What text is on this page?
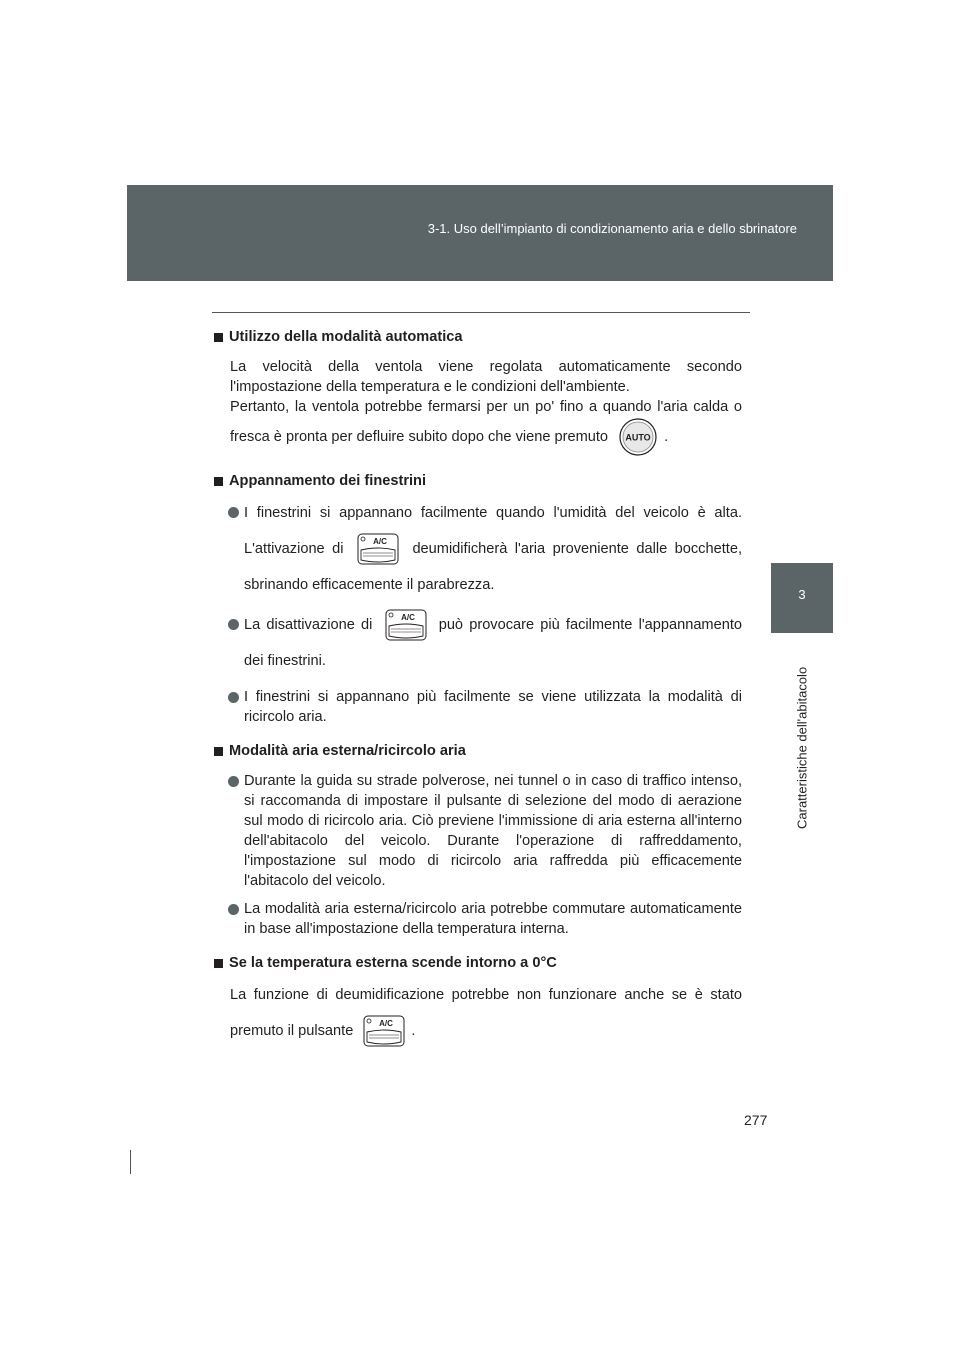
3-1. Uso dell’impianto di condizionamento aria e dello sbrinatore
3
Caratteristiche dell'abitacolo

Utilizzo della modalità automatica

La velocità della ventola viene regolata automaticamente secondo l'impostazione della temperatura e le condizioni dell'ambiente.

Pertanto, la ventola potrebbe fermarsi per un po' fino a quando l'aria calda o fresca è pronta per defluire subito dopo che viene premuto AUTO .

Appannamento dei finestrini

I finestrini si appannano facilmente quando l'umidità del veicolo è alta. L'attivazione di	A/C deumidificherà l'aria proveniente dalle bocchette, sbrinando efficacemente il parabrezza.

La disattivazione di	A/C può provocare più facilmente l'appannamento dei finestrini.

I finestrini si appannano più facilmente se viene utilizzata la modalità di ricircolo aria.

Modalità aria esterna/ricircolo aria

Durante la guida su strade polverose, nei tunnel o in caso di traffico intenso, si raccomanda di impostare il pulsante di selezione del modo di aerazione sul modo di ricircolo aria. Ciò previene l'immissione di aria esterna all'interno dell'abitacolo del veicolo. Durante l'operazione di raffreddamento, l'impostazione sul modo di ricircolo aria raffredda più efficacemente l'abitacolo del veicolo.

La modalità aria esterna/ricircolo aria potrebbe commutare automaticamente in base all'impostazione della temperatura interna.

Se la temperatura esterna scende intorno a 0°C

La funzione di deumidificazione potrebbe non funzionare anche se è stato premuto il pulsante	A/C .

277
